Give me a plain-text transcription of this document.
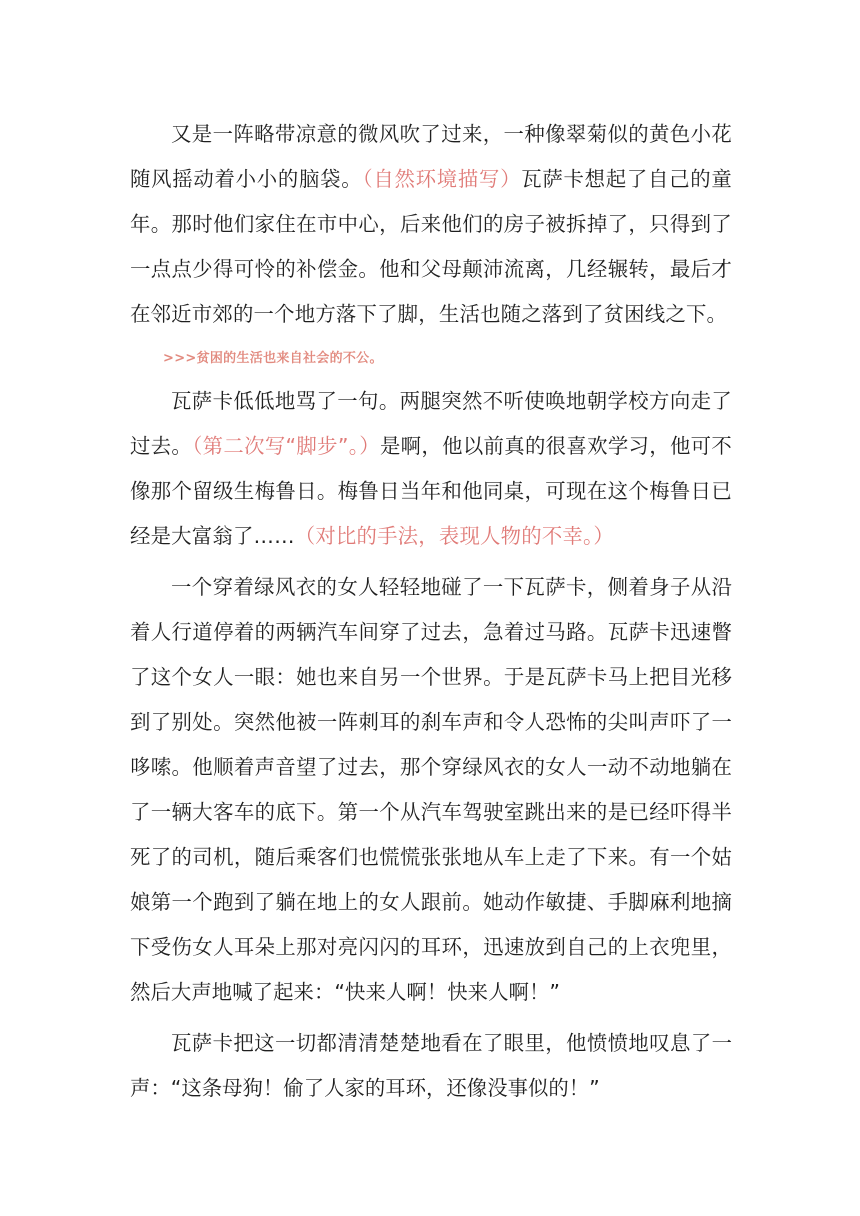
又是一阵略带凉意的微风吹了过来，一种像翠菊似的黄色小花随风摇动着小小的脑袋。（自然环境描写）瓦萨卡想起了自己的童年。那时他们家住在市中心，后来他们的房子被拆掉了，只得到了一点点少得可怜的补偿金。他和父母颠沛流离，几经辗转，最后才在邻近市郊的一个地方落下了脚，生活也随之落到了贫困线之下。

>>>贫困的生活也来自社会的不公。

瓦萨卡低低地骂了一句。两腿突然不听使唤地朝学校方向走了过去。（第二次写“脚步”。）是啊，他以前真的很喜欢学习，他可不像那个留级生梅鲁日。梅鲁日当年和他同桌，可现在这个梅鲁日已经是大富翁了……（对比的手法，表现人物的不幸。）

一个穿着绿风衣的女人轻轻地碰了一下瓦萨卡，侧着身子从沿着人行道停着的两辆汽车间穿了过去，急着过马路。瓦萨卡迅速瞥了这个女人一眼：她也来自另一个世界。于是瓦萨卡马上把目光移到了别处。突然他被一阵刺耳的刹车声和令人恐怖的尖叫声吓了一哆嗦。他顺着声音望了过去，那个穿绿风衣的女人一动不动地躺在了一辆大客车的底下。第一个从汽车驾驶室跳出来的是已经吓得半死了的司机，随后乘客们也慌慌张张地从车上走了下来。有一个姑娘第一个跑到了躺在地上的女人跟前。她动作敏捷、手脚麻利地摘下受伤女人耳朵上那对亮闪闪的耳环，迅速放到自己的上衣兜里，然后大声地喊了起来：“快来人啊！快来人啊！”

瓦萨卡把这一切都清清楚楚地看在了眼里，他愤愤地叹息了一声：“这条母狗！偷了人家的耳环，还像没事似的！”
